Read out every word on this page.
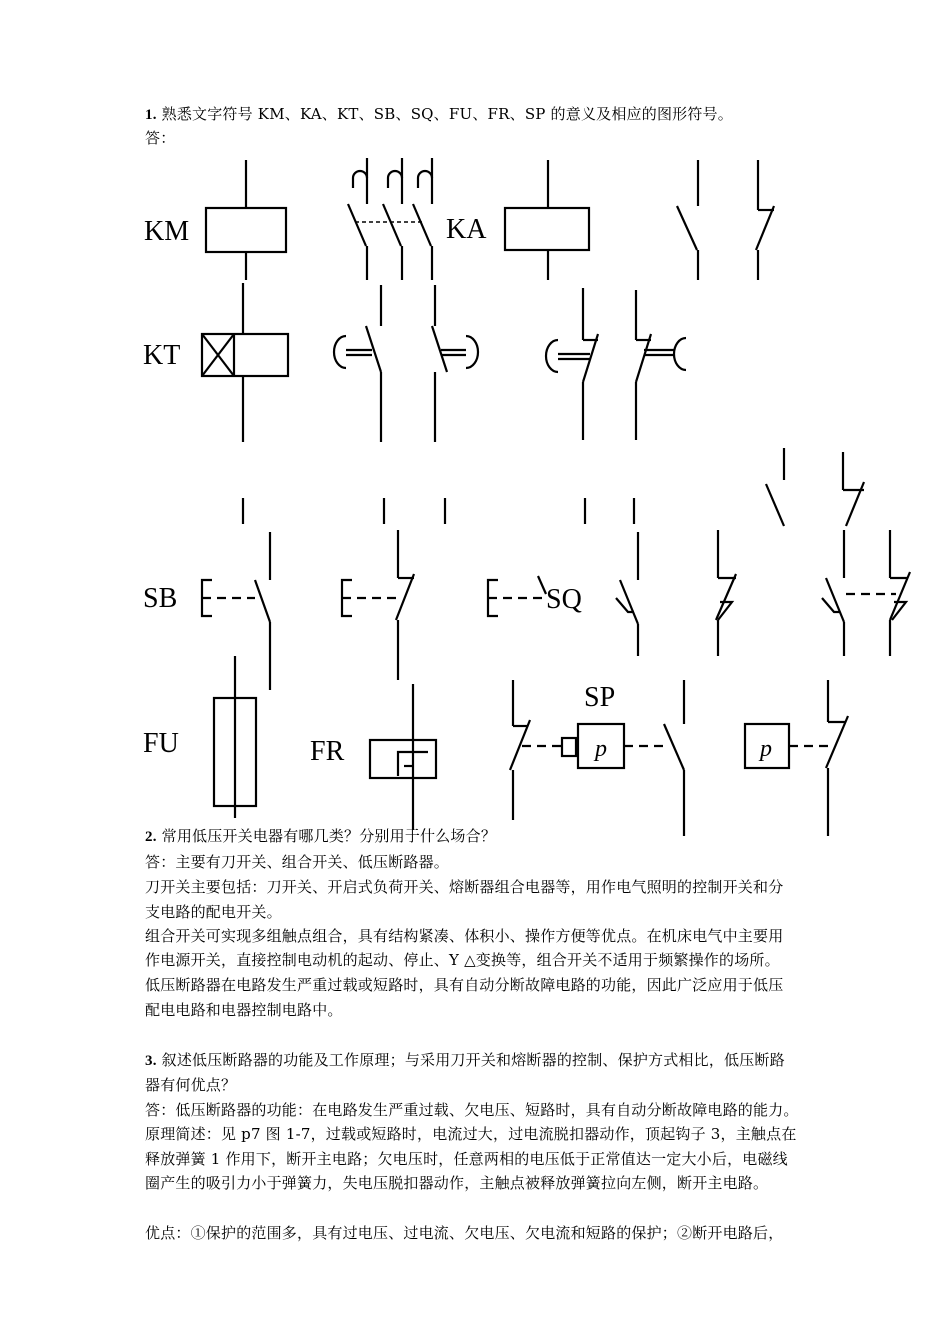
1. 熟悉文字符号 KM、KA、KT、SB、SQ、FU、FR、SP 的意义及相应的图形符号。
答：
KM	KA
KT
SB	SQ
FU	FR
SP
p	p
2. 常用低压开关电器有哪几类？分别用于什么场合？
答：主要有刀开关、组合开关、低压断路器。
刀开关主要包括：刀开关、开启式负荷开关、熔断器组合电器等，用作电气照明的控制开关和分
支电路的配电开关。
组合开关可实现多组触点组合，具有结构紧凑、体积小、操作方便等优点。在机床电气中主要用
作电源开关，直接控制电动机的起动、停止、Y △变换等，组合开关不适用于频繁操作的场所。
低压断路器在电路发生严重过载或短路时，具有自动分断故障电路的功能，因此广泛应用于低压
配电电路和电器控制电路中。
3. 叙述低压断路器的功能及工作原理；与采用刀开关和熔断器的控制、保护方式相比，低压断路
器有何优点？
答：低压断路器的功能：在电路发生严重过载、欠电压、短路时，具有自动分断故障电路的能力。
原理简述：见 p7 图 1-7，过载或短路时，电流过大，过电流脱扣器动作，顶起钩子 3，主触点在
释放弹簧 1 作用下，断开主电路；欠电压时，任意两相的电压低于正常值达一定大小后，电磁线
圈产生的吸引力小于弹簧力，失电压脱扣器动作，主触点被释放弹簧拉向左侧，断开主电路。
优点：①保护的范围多，具有过电压、过电流、欠电压、欠电流和短路的保护；②断开电路后，
